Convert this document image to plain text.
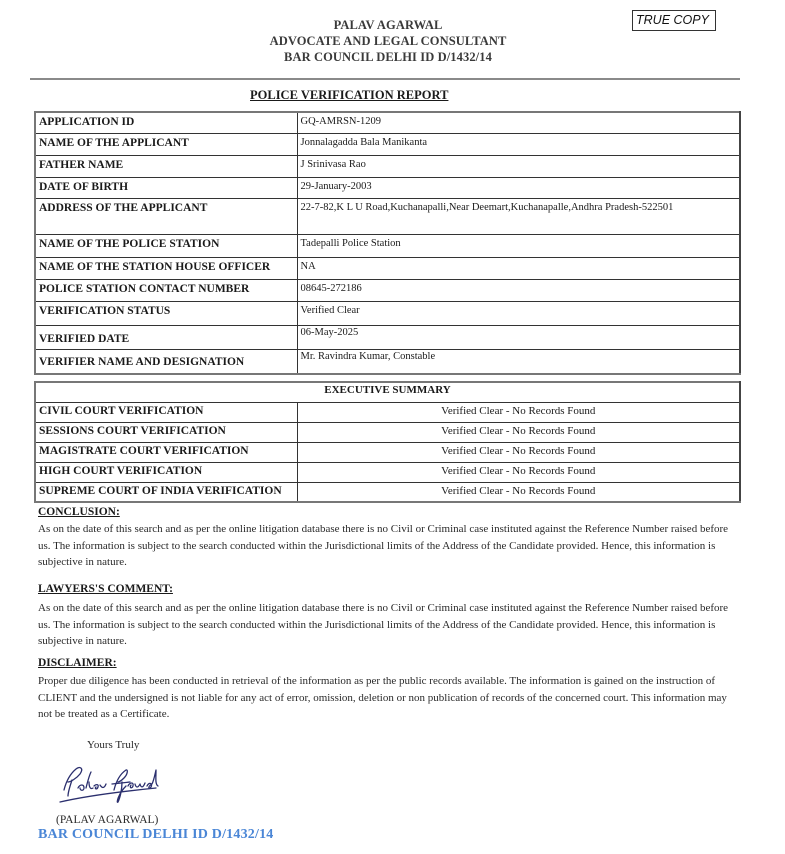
PALAV AGARWAL
ADVOCATE AND LEGAL CONSULTANT
BAR COUNCIL DELHI ID D/1432/14
TRUE COPY
POLICE VERIFICATION REPORT
APPLICATION ID	GQ-AMRSN-1209
NAME OF THE APPLICANT	Jonnalagadda Bala Manikanta
FATHER NAME	J Srinivasa Rao
DATE OF BIRTH	29-January-2003
ADDRESS OF THE APPLICANT	22-7-82,K L U Road,Kuchanapalli,Near Deemart,Kuchanapalle,Andhra Pradesh-522501
NAME OF THE POLICE STATION	Tadepalli Police Station
NAME OF THE STATION HOUSE OFFICER	NA
POLICE STATION CONTACT NUMBER	08645-272186
VERIFICATION STATUS	Verified Clear
VERIFIED DATE	06-May-2025
VERIFIER NAME AND DESIGNATION	Mr. Ravindra Kumar, Constable
EXECUTIVE SUMMARY	
CIVIL COURT VERIFICATION	Verified Clear - No Records Found
SESSIONS COURT VERIFICATION	Verified Clear - No Records Found
MAGISTRATE COURT VERIFICATION	Verified Clear - No Records Found
HIGH COURT VERIFICATION	Verified Clear - No Records Found
SUPREME COURT OF INDIA VERIFICATION	Verified Clear - No Records Found
CONCLUSION:
As on the date of this search and as per the online litigation database there is no Civil or Criminal case instituted against the Reference Number raised before us. The information is subject to the search conducted within the Jurisdictional limits of the Address of the Candidate provided. Hence, this information is subjective in nature.
LAWYERS'S COMMENT:
As on the date of this search and as per the online litigation database there is no Civil or Criminal case instituted against the Reference Number raised before us. The information is subject to the search conducted within the Jurisdictional limits of the Address of the Candidate provided. Hence, this information is subjective in nature.
DISCLAIMER:
Proper due diligence has been conducted in retrieval of the information as per the public records available. The information is gained on the instruction of CLIENT and the undersigned is not liable for any act of error, omission, deletion or non publication of records of the concerned court. This information may not be treated as a Certificate.
Yours Truly
(PALAV AGARWAL)
BAR COUNCIL DELHI ID D/1432/14
